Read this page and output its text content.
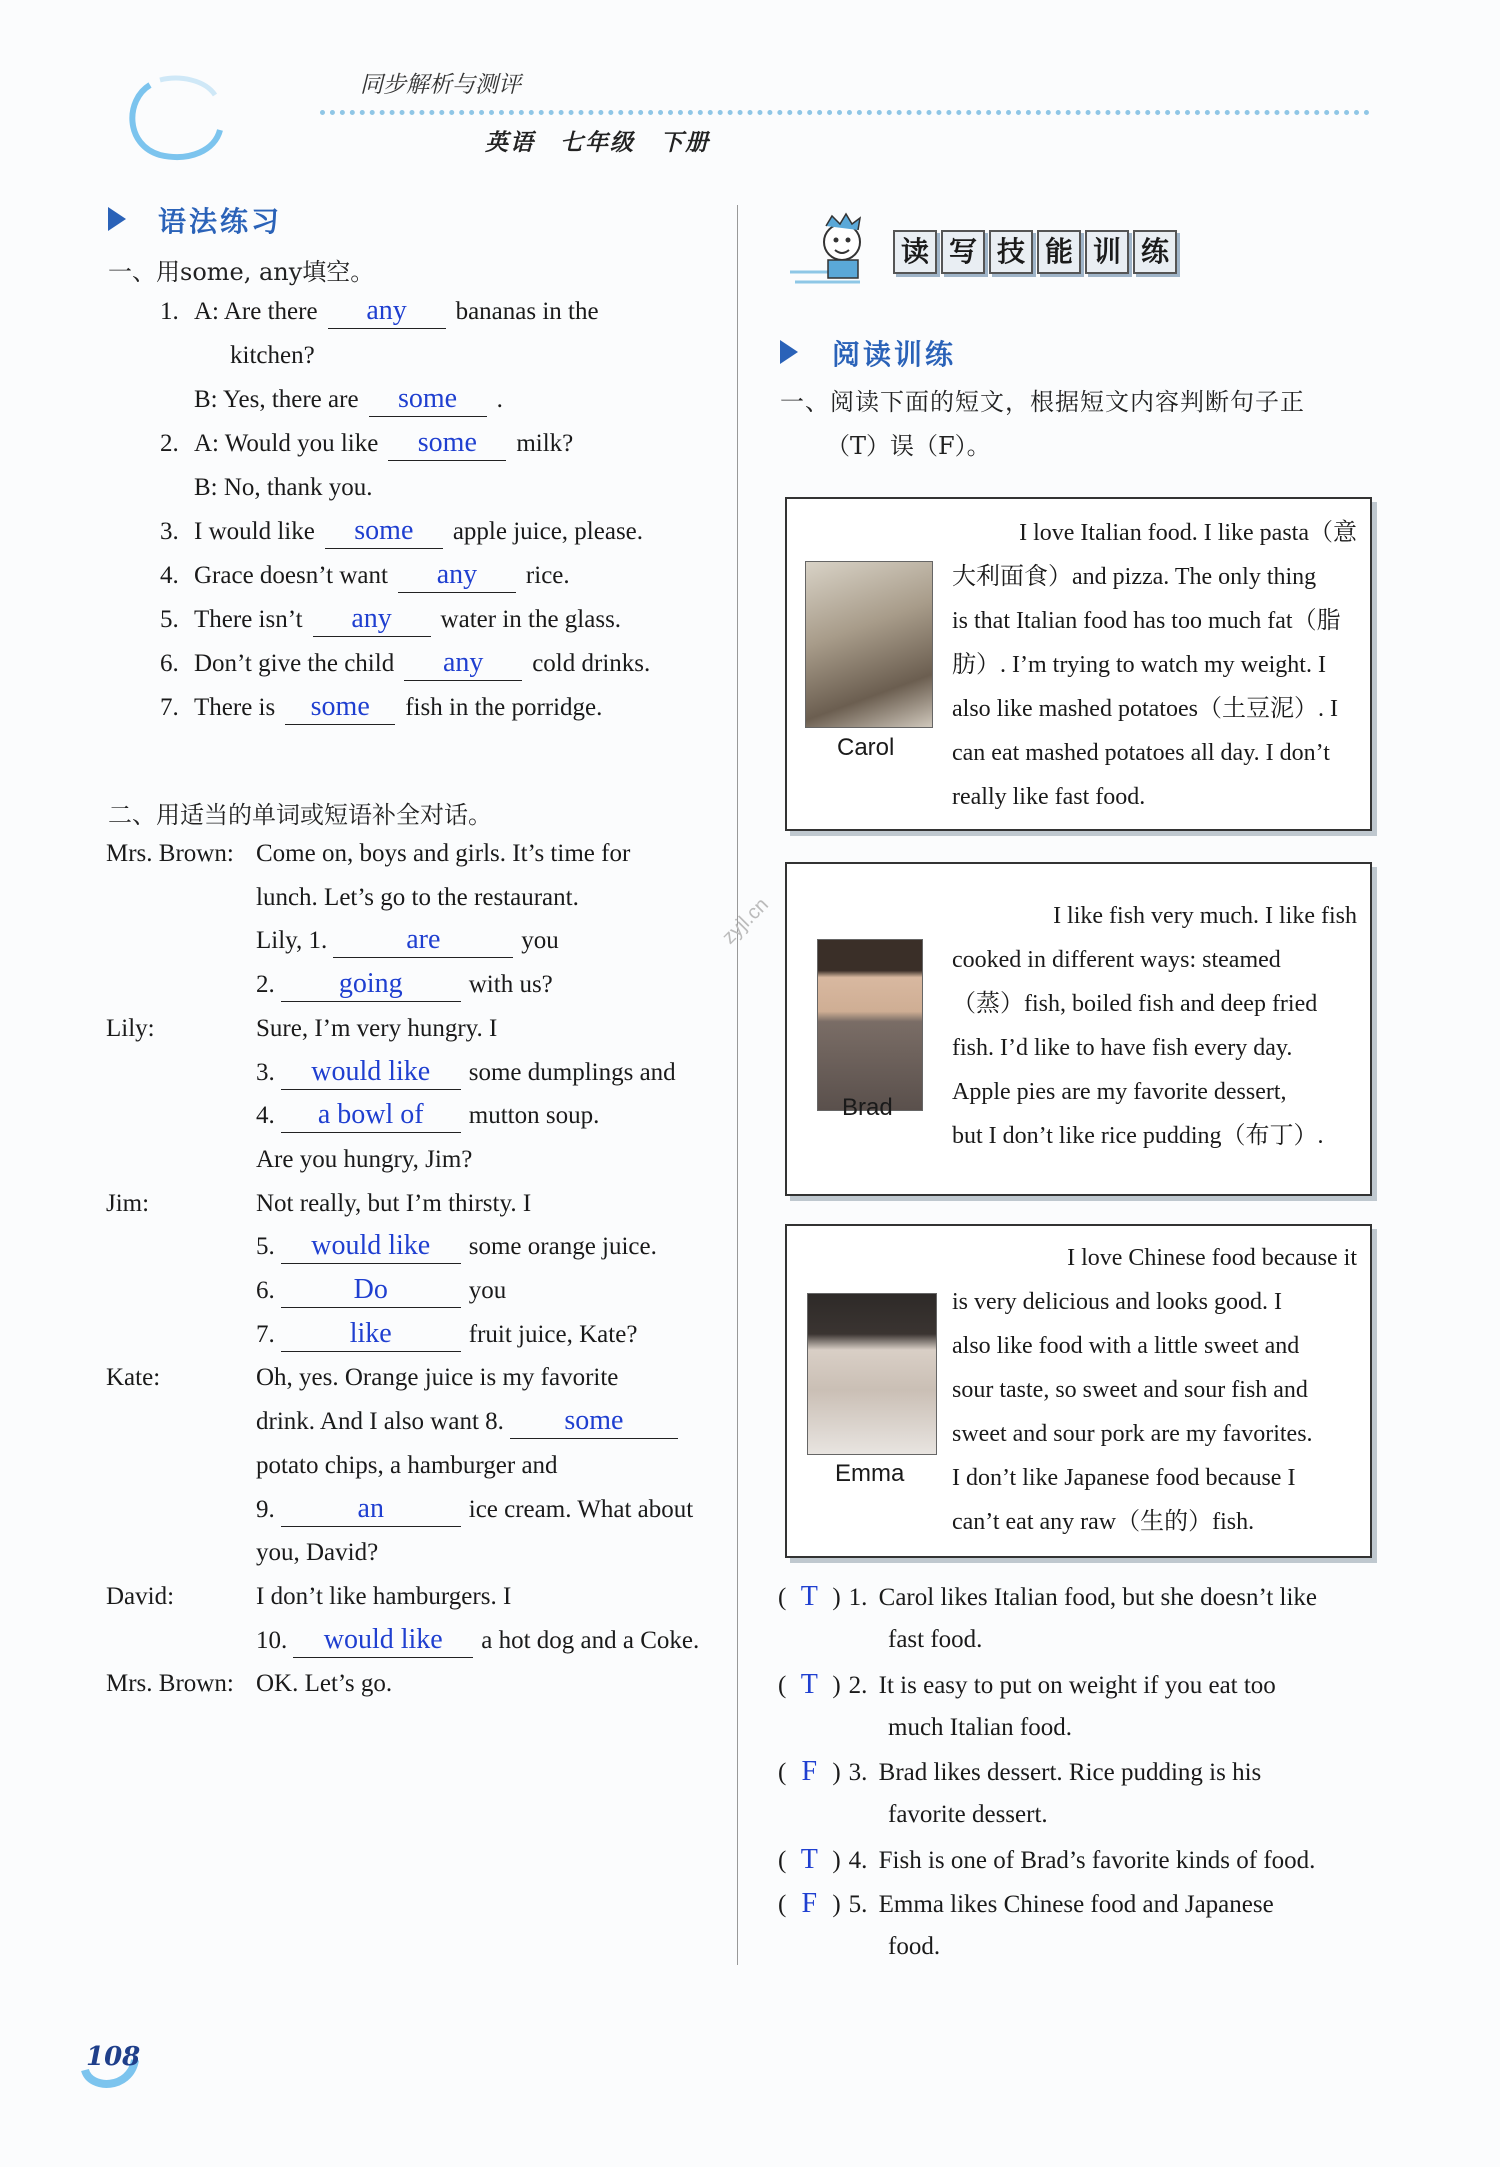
同步解析与测评
英语　七年级　下册
语法练习
一、用some, any填空。
1. A: Are there any bananas in the
kitchen?
B: Yes, there are some .
2. A: Would you like some milk?
B: No, thank you.
3. I would like some apple juice, please.
4. Grace doesn’t want any rice.
5. There isn’t any water in the glass.
6. Don’t give the child any cold drinks.
7. There is some fish in the porridge.
二、用适当的单词或短语补全对话。
Mrs. Brown: Come on, boys and girls. It’s time for
lunch. Let’s go to the restaurant.
Lily, 1.	are	you
2. going	with us?
Lily:	Sure, I’m very hungry. I
3. would like some dumplings and
4. a bowl of mutton soup.
Are you hungry, Jim?
Jim:	Not really, but I’m thirsty. I
5. would like some orange juice.
6.	Do	you
7.	like	fruit juice, Kate?
Kate:	Oh, yes. Orange juice is my favorite
drink. And I also want 8. some
potato chips, a hamburger and
9.	an	ice cream. What about
you, David?
David:	I don’t like hamburgers. I
10. would like a hot dog and a Coke.
Mrs. Brown: OK. Let’s go.
zyjl.cn
读 写 技 能 训 练
阅读训练
一、阅读下面的短文，根据短文内容判断句子正
（T）误（F）。
Carol
I love Italian food. I like pasta（意
大利面食）and pizza. The only thing
is that Italian food has too much fat（脂
肪）. I’m trying to watch my weight. I
also like mashed potatoes（土豆泥）. I
can eat mashed potatoes all day. I don’t
really like fast food.
Brad
I like fish very much. I like fish
cooked in different ways: steamed
（蒸）fish, boiled fish and deep fried
fish. I’d like to have fish every day.
Apple pies are my favorite dessert,
but I don’t like rice pudding（布丁）.
Emma
I love Chinese food because it
is very delicious and looks good. I
also like food with a little sweet and
sour taste, so sweet and sour fish and
sweet and sour pork are my favorites.
I don’t like Japanese food because I
can’t eat any raw（生的）fish.
( T ) 1. Carol likes Italian food, but she doesn’t like
fast food.
( T ) 2. It is easy to put on weight if you eat too
much Italian food.
( F ) 3. Brad likes dessert. Rice pudding is his
favorite dessert.
( T ) 4. Fish is one of Brad’s favorite kinds of food.
( F ) 5. Emma likes Chinese food and Japanese
food.
108
